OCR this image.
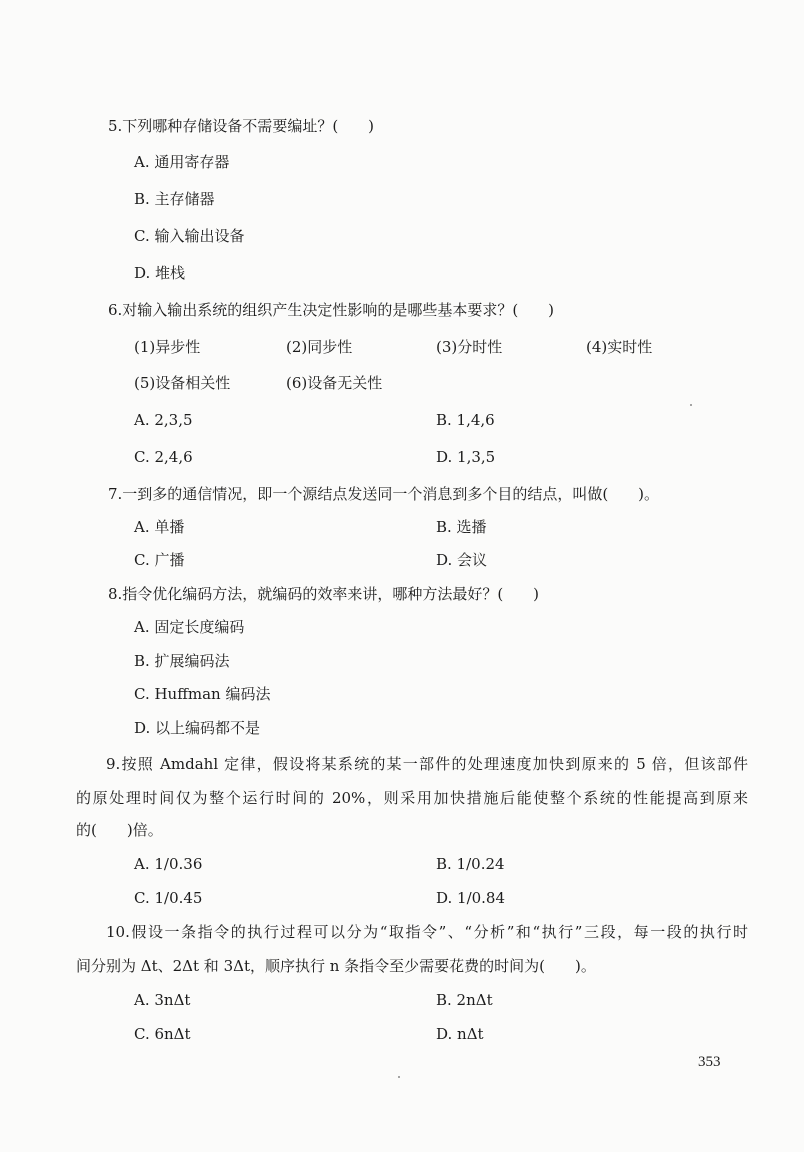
5.下列哪种存储设备不需要编址？(　　)
A. 通用寄存器
B. 主存储器
C. 输入输出设备
D. 堆栈
6.对输入输出系统的组织产生决定性影响的是哪些基本要求？(　　)
(1)异步性	(2)同步性	(3)分时性	(4)实时性
(5)设备相关性	(6)设备无关性
A. 2,3,5	B. 1,4,6
C. 2,4,6	D. 1,3,5
7.一到多的通信情况，即一个源结点发送同一个消息到多个目的结点，叫做(　　)。
A. 单播	B. 选播
C. 广播	D. 会议
8.指令优化编码方法，就编码的效率来讲，哪种方法最好？(　　)
A. 固定长度编码
B. 扩展编码法
C. Huffman 编码法
D. 以上编码都不是
9.按照 Amdahl 定律，假设将某系统的某一部件的处理速度加快到原来的 5 倍，但该部件
的原处理时间仅为整个运行时间的 20%，则采用加快措施后能使整个系统的性能提高到原来
的(　　)倍。
A. 1/0.36	B. 1/0.24
C. 1/0.45	D. 1/0.84
10.假设一条指令的执行过程可以分为“取指令”、“分析”和“执行”三段，每一段的执行时
间分别为 Δt、2Δt 和 3Δt，顺序执行 n 条指令至少需要花费的时间为(　　)。
A. 3nΔt	B. 2nΔt
C. 6nΔt	D. nΔt
353
